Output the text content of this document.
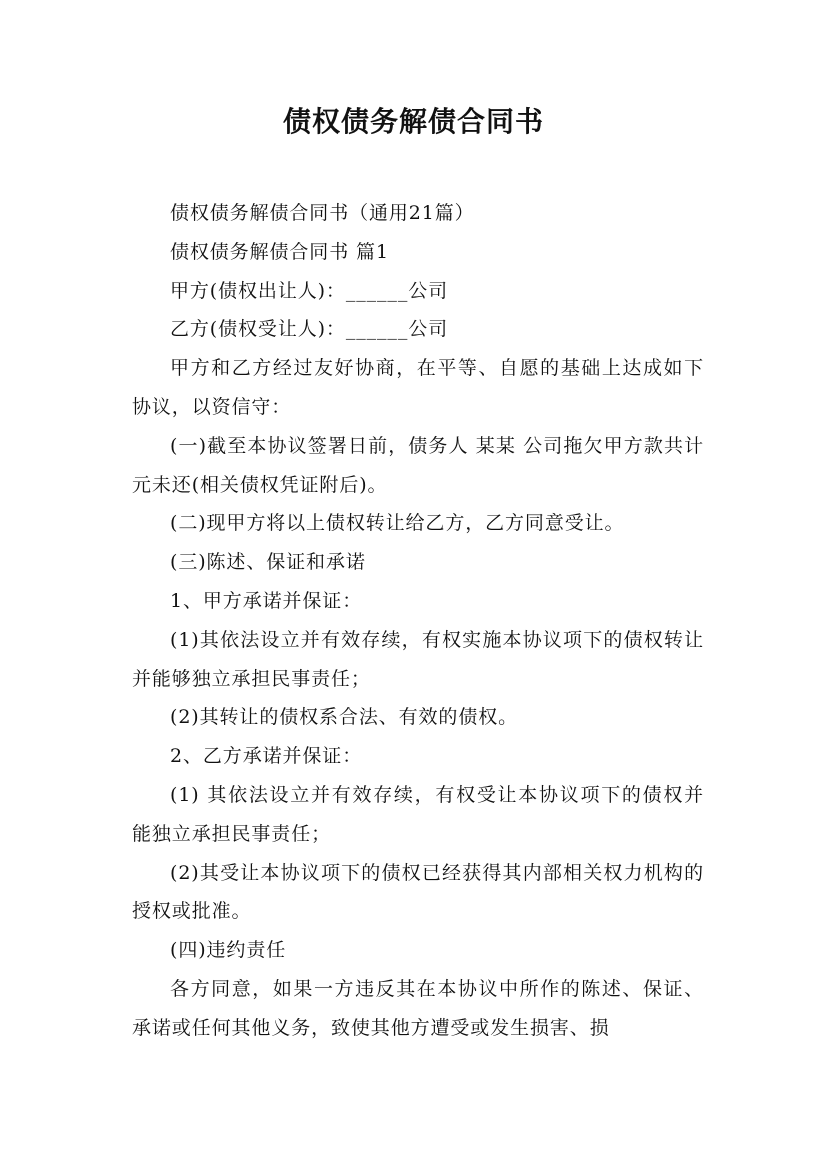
债权债务解债合同书

债权债务解债合同书（通用21篇）

债权债务解债合同书 篇1

甲方(债权出让人)：______公司

乙方(债权受让人)：______公司

甲方和乙方经过友好协商，在平等、自愿的基础上达成如下协议，以资信守：

(一)截至本协议签署日前，债务人 某某 公司拖欠甲方款共计 元未还(相关债权凭证附后)。

(二)现甲方将以上债权转让给乙方，乙方同意受让。

(三)陈述、保证和承诺

1、甲方承诺并保证：

(1)其依法设立并有效存续，有权实施本协议项下的债权转让并能够独立承担民事责任；

(2)其转让的债权系合法、有效的债权。

2、乙方承诺并保证：

(1) 其依法设立并有效存续，有权受让本协议项下的债权并能独立承担民事责任；

(2)其受让本协议项下的债权已经获得其内部相关权力机构的授权或批准。

(四)违约责任

各方同意，如果一方违反其在本协议中所作的陈述、保证、承诺或任何其他义务，致使其他方遭受或发生损害、损
